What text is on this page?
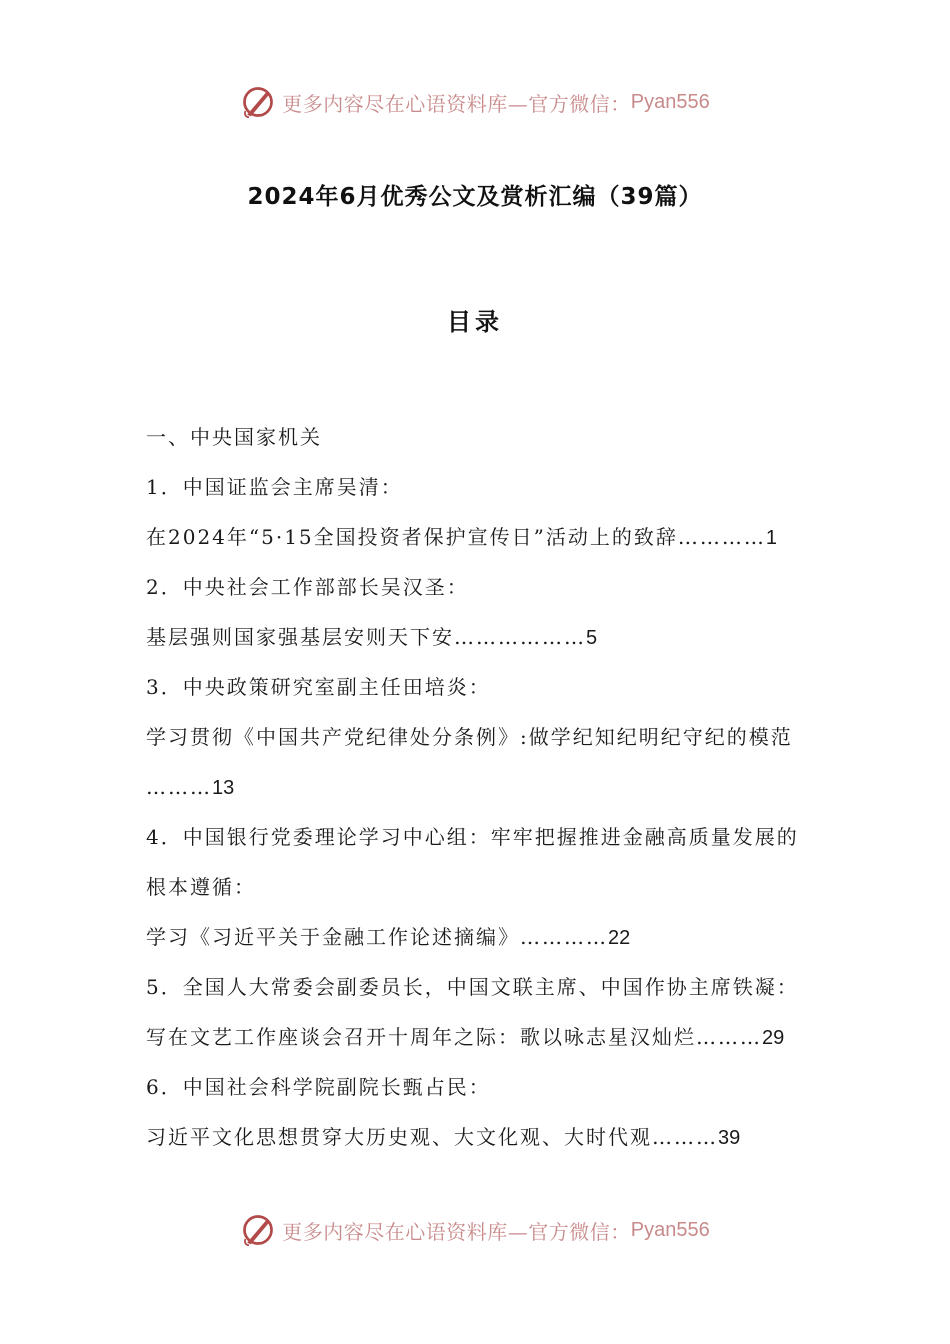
更多内容尽在心语资料库—官方微信： Pyan556
2024年6月优秀公文及赏析汇编（39篇）
目录
一、中央国家机关
1．中国证监会主席吴清：
在2024年“5·15全国投资者保护宣传日”活动上的致辞…………1
2．中央社会工作部部长吴汉圣：
基层强则国家强基层安则天下安………………5
3．中央政策研究室副主任田培炎：
学习贯彻《中国共产党纪律处分条例》:做学纪知纪明纪守纪的模范
………13
4．中国银行党委理论学习中心组：牢牢把握推进金融高质量发展的
根本遵循：
学习《习近平关于金融工作论述摘编》…………22
5．全国人大常委会副委员长，中国文联主席、中国作协主席铁凝：
写在文艺工作座谈会召开十周年之际：歌以咏志星汉灿烂………29
6．中国社会科学院副院长甄占民：
习近平文化思想贯穿大历史观、大文化观、大时代观………39
更多内容尽在心语资料库—官方微信： Pyan556
